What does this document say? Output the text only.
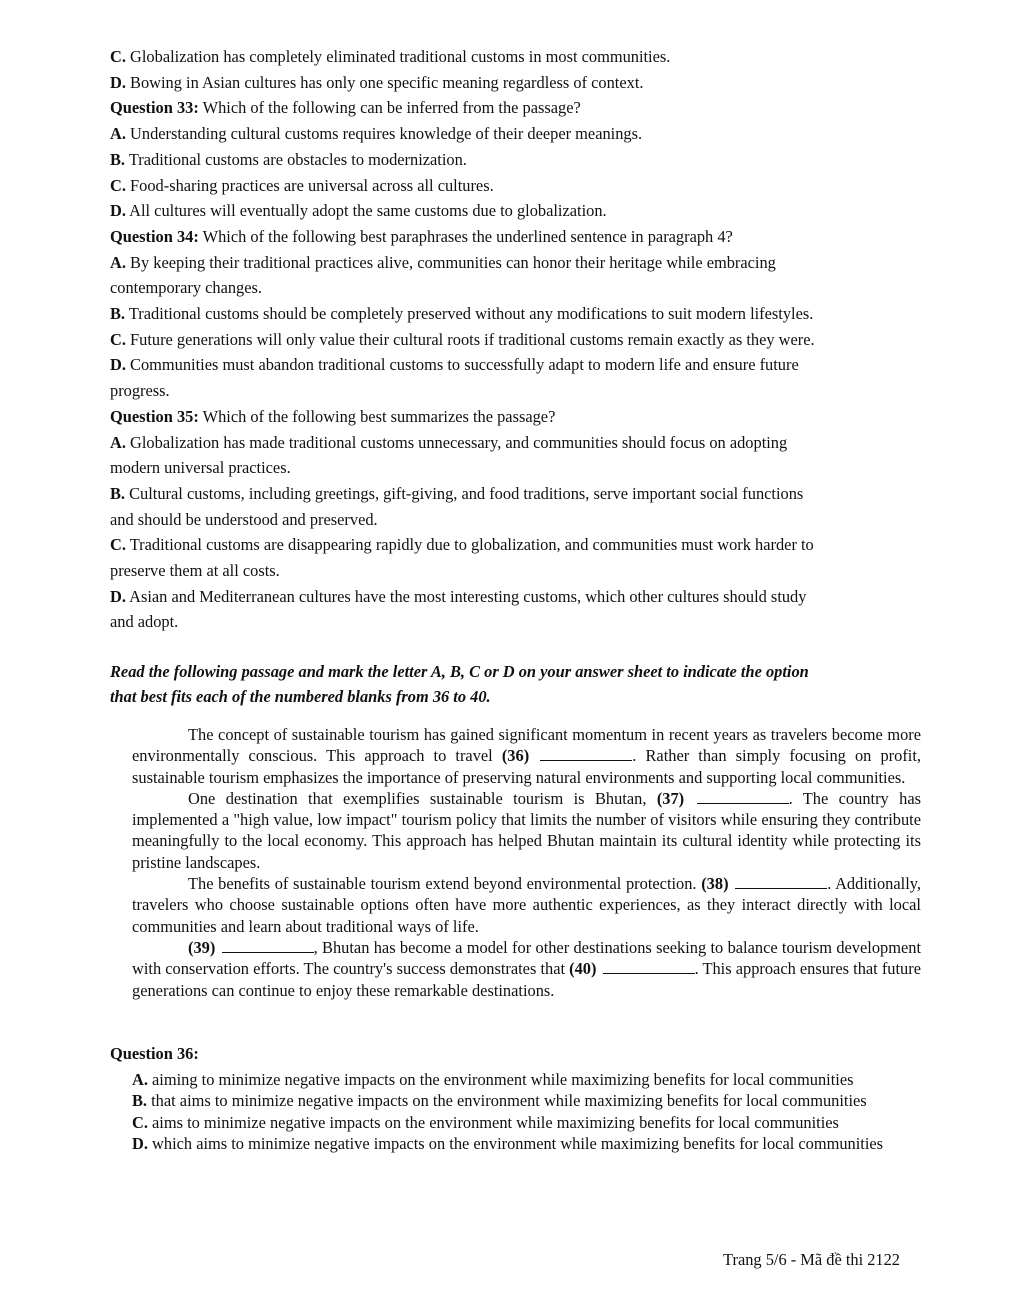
C. Globalization has completely eliminated traditional customs in most communities.
D. Bowing in Asian cultures has only one specific meaning regardless of context.
Question 33: Which of the following can be inferred from the passage?
A. Understanding cultural customs requires knowledge of their deeper meanings.
B. Traditional customs are obstacles to modernization.
C. Food-sharing practices are universal across all cultures.
D. All cultures will eventually adopt the same customs due to globalization.
Question 34: Which of the following best paraphrases the underlined sentence in paragraph 4?
A. By keeping their traditional practices alive, communities can honor their heritage while embracing
contemporary changes.
B. Traditional customs should be completely preserved without any modifications to suit modern lifestyles.
C. Future generations will only value their cultural roots if traditional customs remain exactly as they were.
D. Communities must abandon traditional customs to successfully adapt to modern life and ensure future
progress.
Question 35: Which of the following best summarizes the passage?
A. Globalization has made traditional customs unnecessary, and communities should focus on adopting
modern universal practices.
B. Cultural customs, including greetings, gift-giving, and food traditions, serve important social functions
and should be understood and preserved.
C. Traditional customs are disappearing rapidly due to globalization, and communities must work harder to
preserve them at all costs.
D. Asian and Mediterranean cultures have the most interesting customs, which other cultures should study
and adopt.
Read the following passage and mark the letter A, B, C or D on your answer sheet to indicate the option
that best fits each of the numbered blanks from 36 to 40.

The concept of sustainable tourism has gained significant momentum in recent years as travelers become more environmentally conscious. This approach to travel (36)	. Rather than simply focusing on profit, sustainable tourism emphasizes the importance of preserving natural environments and supporting local communities.

One destination that exemplifies sustainable tourism is Bhutan, (37)	. The country has implemented a "high value, low impact" tourism policy that limits the number of visitors while ensuring they contribute meaningfully to the local economy. This approach has helped Bhutan maintain its cultural identity while protecting its pristine landscapes.

The benefits of sustainable tourism extend beyond environmental protection. (38)	. Additionally, travelers who choose sustainable options often have more authentic experiences, as they interact directly with local communities and learn about traditional ways of life.

(39)	, Bhutan has become a model for other destinations seeking to balance tourism development with conservation efforts. The country's success demonstrates that (40)	. This approach ensures that future generations can continue to enjoy these remarkable destinations.

Question 36:

A. aiming to minimize negative impacts on the environment while maximizing benefits for local communities

B. that aims to minimize negative impacts on the environment while maximizing benefits for local communities

C. aims to minimize negative impacts on the environment while maximizing benefits for local communities

D. which aims to minimize negative impacts on the environment while maximizing benefits for local communities

Trang 5/6 - Mã đề thi 2122
